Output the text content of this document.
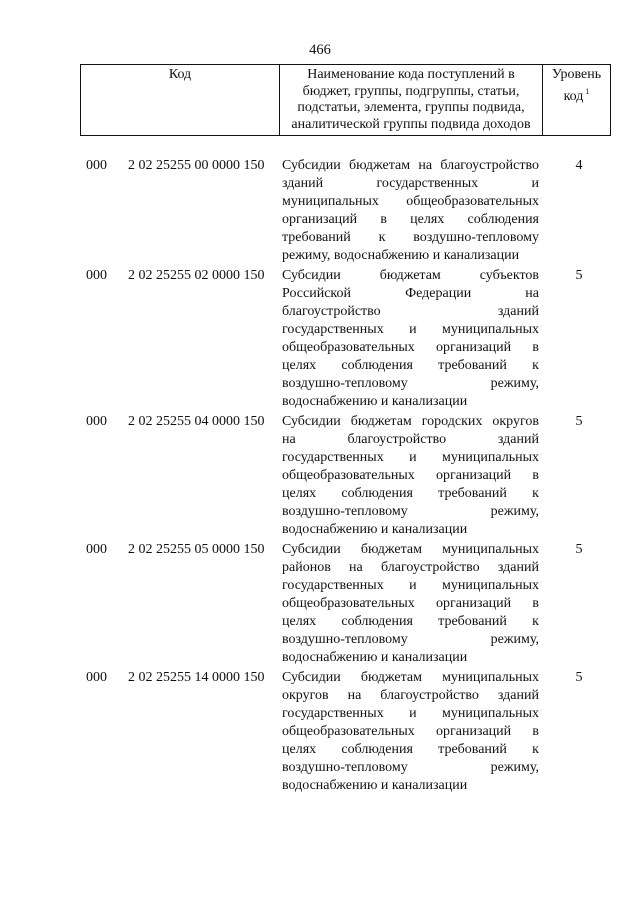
466
Код	Наименование кода поступлений в
бюджет, группы, подгруппы, статьи,
подстатьи, элемента, группы подвида,
аналитической группы подвида доходов
Уровень
код $^1$
000	2 02 25255 00 0000 150	Субсидии бюджетам на благоустройство
зданий государственных и
муниципальных общеобразовательных
организаций в целях соблюдения
требований к воздушно-тепловому
режиму, водоснабжению и канализации
4
000	2 02 25255 02 0000 150	Субсидии бюджетам субъектов
Российской Федерации на
благоустройство зданий
государственных и муниципальных
общеобразовательных организаций в
целях соблюдения требований к
воздушно-тепловому режиму,
водоснабжению и канализации
5
000	2 02 25255 04 0000 150	Субсидии бюджетам городских округов
на благоустройство зданий
государственных и муниципальных
общеобразовательных организаций в
целях соблюдения требований к
воздушно-тепловому режиму,
водоснабжению и канализации
5
000	2 02 25255 05 0000 150	Субсидии бюджетам муниципальных
районов на благоустройство зданий
государственных и муниципальных
общеобразовательных организаций в
целях соблюдения требований к
воздушно-тепловому режиму,
водоснабжению и канализации
5
000	2 02 25255 14 0000 150	Субсидии бюджетам муниципальных
округов на благоустройство зданий
государственных и муниципальных
общеобразовательных организаций в
целях соблюдения требований к
воздушно-тепловому режиму,
водоснабжению и канализации
5
